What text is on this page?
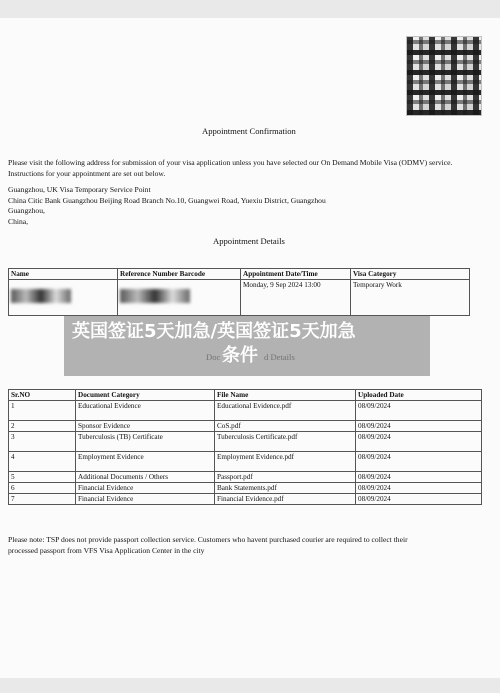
Appointment Confirmation
Please visit the following address for submission of your visa application unless you have selected our On Demand Mobile Visa (ODMV) service. Instructions for your appointment are set out below.
Guangzhou, UK Visa Temporary Service Point
China Citic Bank Guangzhou Beijing Road Branch No.10, Guangwei Road, Yuexiu District, Guangzhou
Guangzhou,
China,
Appointment Details
Name	Reference Number Barcode	Appointment Date/Time	Visa Category
		Monday, 9 Sep 2024 13:00	Temporary Work
Sr.NO	Document Category	File Name	Uploaded Date
1	Educational Evidence	Educational Evidence.pdf	08/09/2024
2	Sponsor Evidence	CoS.pdf	08/09/2024
3	Tuberculosis (TB) Certificate	Tuberculosis Certificate.pdf	08/09/2024
4	Employment Evidence	Employment Evidence.pdf	08/09/2024
5	Additional Documents / Others	Passport.pdf	08/09/2024
6	Financial Evidence	Bank Statements.pdf	08/09/2024
7	Financial Evidence	Financial Evidence.pdf	08/09/2024
Please note: TSP does not provide passport collection service. Customers who havent purchased courier are required to collect their processed passport from VFS Visa Application Center in the city
英国签证5天加急/英国签证5天加急
条件
